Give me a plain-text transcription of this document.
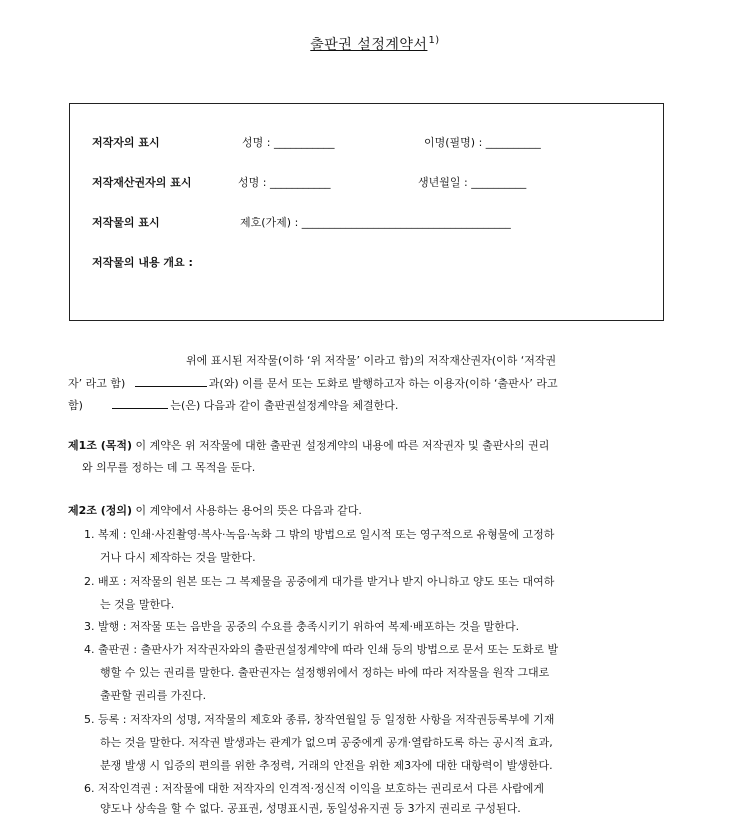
출판권 설정계약서$^{1)}$
저작자의 표시	성명 : ___________	이명(필명) : __________
저작재산권자의 표시	성명 : ___________	생년월일 : __________
저작물의 표시	제호(가제) : ______________________________________
저작물의 내용 개요 :
위에 표시된 저작물(이하 ‘위 저작물’ 이라고 함)의 저작재산권자(이하 ‘저작권
자’ 라고 함)	과(와) 이를 문서 또는 도화로 발행하고자 하는 이용자(이하 ‘출판사’ 라고
함)	는(은) 다음과 같이 출판권설정계약을 체결한다.
제1조 (목적) 이 계약은 위 저작물에 대한 출판권 설정계약의 내용에 따른 저작권자 및 출판사의 권리
와 의무를 정하는 데 그 목적을 둔다.
제2조 (정의) 이 계약에서 사용하는 용어의 뜻은 다음과 같다.
1. 복제 : 인쇄·사진촬영·복사·녹음·녹화 그 밖의 방법으로 일시적 또는 영구적으로 유형물에 고정하
거나 다시 제작하는 것을 말한다.
2. 배포 : 저작물의 원본 또는 그 복제물을 공중에게 대가를 받거나 받지 아니하고 양도 또는 대여하
는 것을 말한다.
3. 발행 : 저작물 또는 음반을 공중의 수요를 충족시키기 위하여 복제·배포하는 것을 말한다.
4. 출판권 : 출판사가 저작권자와의 출판권설정계약에 따라 인쇄 등의 방법으로 문서 또는 도화로 발
행할 수 있는 권리를 말한다. 출판권자는 설정행위에서 정하는 바에 따라 저작물을 원작 그대로
출판할 권리를 가진다.
5. 등록 : 저작자의 성명, 저작물의 제호와 종류, 창작연월일 등 일정한 사항을 저작권등록부에 기재
하는 것을 말한다. 저작권 발생과는 관계가 없으며 공중에게 공개·열람하도록 하는 공시적 효과,
분쟁 발생 시 입증의 편의를 위한 추정력, 거래의 안전을 위한 제3자에 대한 대항력이 발생한다.
6. 저작인격권 : 저작물에 대한 저작자의 인격적·정신적 이익을 보호하는 권리로서 다른 사람에게
양도나 상속을 할 수 없다. 공표권, 성명표시권, 동일성유지권 등 3가지 권리로 구성된다.
